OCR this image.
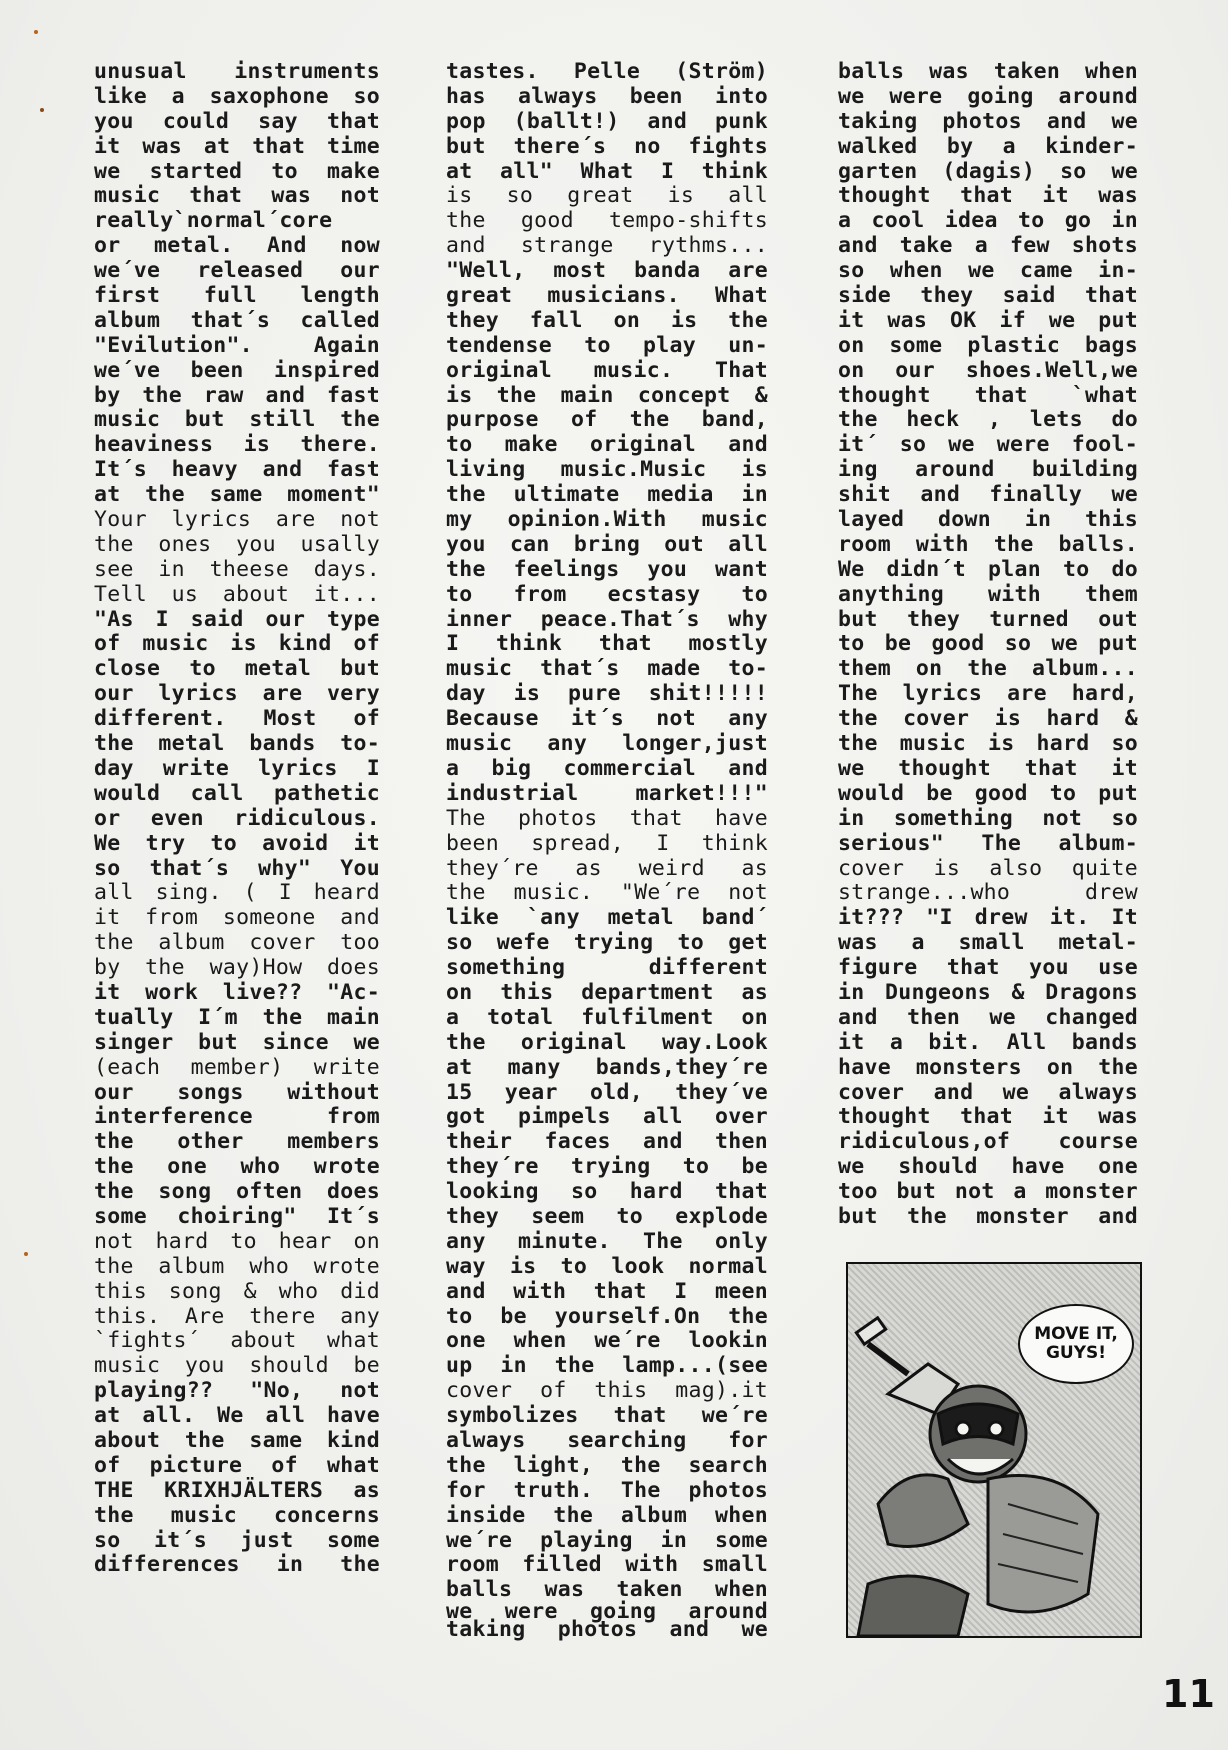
unusual instruments
like a saxophone so
you could say that
it was at that time
we started to make
music that was not
really`normal´core
or metal. And now
we´ve released our
first full length
album that´s called
"Evilution". Again
we´ve been inspired
by the raw and fast
music but still the
heaviness is there.
It´s heavy and fast
at the same moment"
Your lyrics are not
the ones you usally
see in theese days.
Tell us about it...
"As I said our type
of music is kind of
close to metal but
our lyrics are very
different. Most of
the metal bands to-
day write lyrics I
would call pathetic
or even ridiculous.
We try to avoid it
so that´s why" You
all sing. ( I heard
it from someone and
the album cover too
by the way)How does
it work live?? "Ac-
tually I´m the main
singer but since we
(each member) write
our songs without
interference from
the other members
the one who wrote
the song often does
some choiring" It´s
not hard to hear on
the album who wrote
this song & who did
this. Are there any
`fights´ about what
music you should be
playing?? "No, not
at all. We all have
about the same kind
of picture of what
THE KRIXHJÄLTERS as
the music concerns
so it´s just some
differences in the
tastes. Pelle (Ström)
has always been into
pop (ballt!) and punk
but there´s no fights
at all" What I think
is so great is all
the good tempo-shifts
and strange rythms...
"Well, most banda are
great musicians. What
they fall on is the
tendense to play un-
original music. That
is the main concept &
purpose of the band,
to make original and
living music.Music is
the ultimate media in
my opinion.With music
you can bring out all
the feelings you want
to from ecstasy to
inner peace.That´s why
I think that mostly
music that´s made to-
day is pure shit!!!!!
Because it´s not any
music any longer,just
a big commercial and
industrial market!!!"
The photos that have
been spread, I think
they´re as weird as
the music. "We´re not
like `any metal band´
so wefe trying to get
something different
on this department as
a total fulfilment on
the original way.Look
at many bands,they´re
15 year old, they´ve
got pimpels all over
their faces and then
they´re trying to be
looking so hard that
they seem to explode
any minute. The only
way is to look normal
and with that I meen
to be yourself.On the
one when we´re lookin
up in the lamp...(see
cover of this mag).it
symbolizes that we´re
always searching for
the light, the search
for truth. The photos
inside the album when
we´re playing in some
room filled with small
balls was taken when
we were going around
taking photos and we
balls was taken when
we were going around
taking photos and we
walked by a kinder-
garten (dagis) so we
thought that it was
a cool idea to go in
and take a few shots
so when we came in-
side they said that
it was OK if we put
on some plastic bags
on our shoes.Well,we
thought that `what
the heck , lets do
it´ so we were fool-
ing around building
shit and finally we
layed down in this
room with the balls.
We didn´t plan to do
anything with them
but they turned out
to be good so we put
them on the album...
The lyrics are hard,
the cover is hard &
the music is hard so
we thought that it
would be good to put
in something not so
serious" The album-
cover is also quite
strange...who drew
it??? "I drew it. It
was a small metal-
figure that you use
in Dungeons & Dragons
and then we changed
it a bit. All bands
have monsters on the
cover and we always
thought that it was
ridiculous,of course
we should have one
too but not a monster
but the monster and
MOVE IT, GUYS!
11
